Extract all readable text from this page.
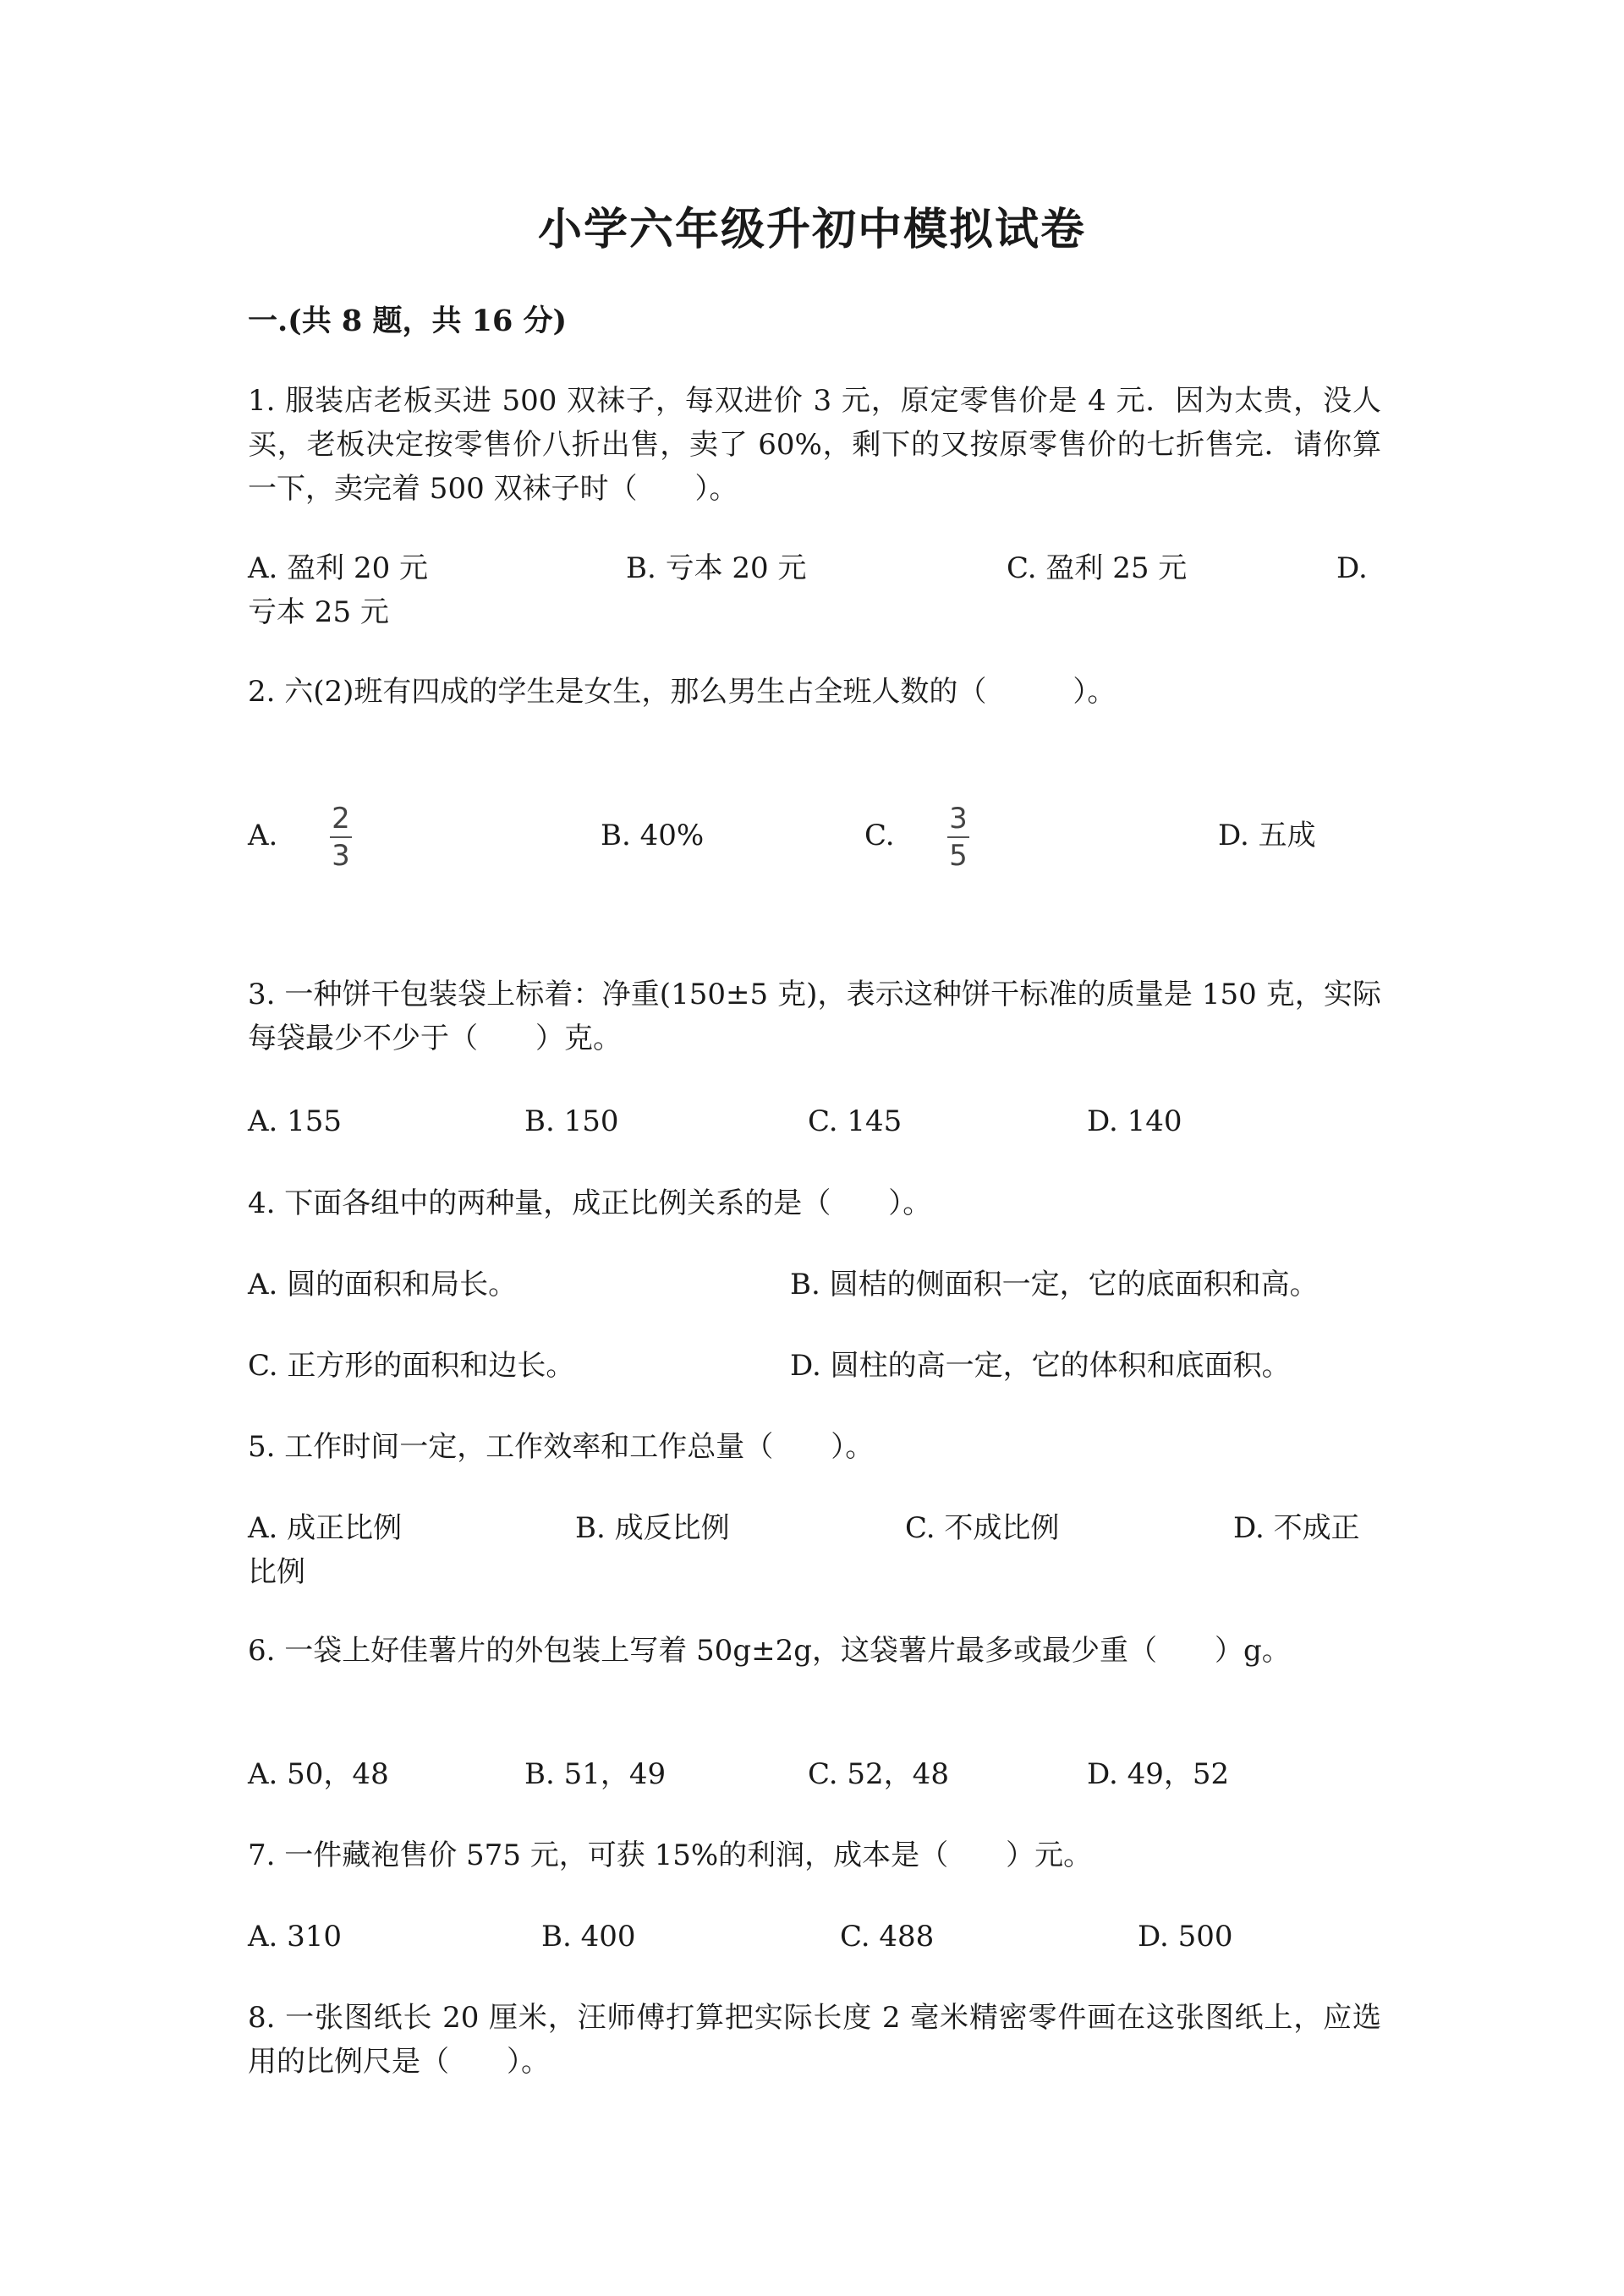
小学六年级升初中模拟试卷
一.(共 8 题，共 16 分)
1. 服装店老板买进 500 双袜子，每双进价 3 元，原定零售价是 4 元．因为太贵，没人买，老板决定按零售价八折出售，卖了 60%，剩下的又按原零售价的七折售完．请你算一下，卖完着 500 双袜子时（　　）。
A. 盈利 20 元	B. 亏本 20 元	C. 盈利 25 元	D.
亏本 25 元
2. 六(2)班有四成的学生是女生，那么男生占全班人数的（　　　）。
A. 2
3
B. 40%	C. 3
5
D. 五成
3. 一种饼干包装袋上标着：净重(150±5 克)，表示这种饼干标准的质量是 150 克，实际每袋最少不少于（　　）克。
A. 155	B. 150	C. 145	D. 140
4. 下面各组中的两种量，成正比例关系的是（　　）。
A. 圆的面积和局长。	B. 圆桔的侧面积一定，它的底面积和高。
C. 正方形的面积和边长。	D. 圆柱的高一定，它的体积和底面积。
5. 工作时间一定，工作效率和工作总量（　　）。
A. 成正比例	B. 成反比例	C. 不成比例	D. 不成正
比例
6. 一袋上好佳薯片的外包装上写着 50g±2g，这袋薯片最多或最少重（　　）g。
A. 50，48	B. 51，49	C. 52，48	D. 49，52
7. 一件藏袍售价 575 元，可获 15%的利润，成本是（　　）元。
A. 310	B. 400	C. 488	D. 500
8. 一张图纸长 20 厘米，汪师傅打算把实际长度 2 毫米精密零件画在这张图纸上，应选用的比例尺是（　　）。
